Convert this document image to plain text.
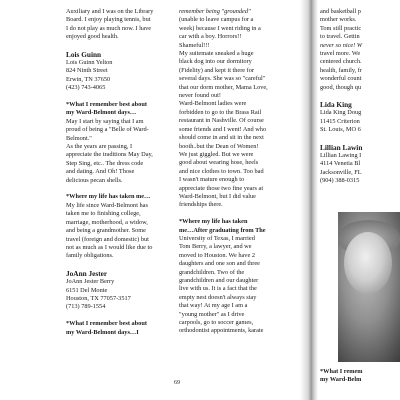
Auxiliary and I was on the Library
Board. I enjoy playing tennis, but
I do not play as much now. I have
enjoyed good health.
Lois Guinn
Lois Guinn Yelton
824 Ninth Street
Erwin, TN 37650
(423) 743-4065
*What I remember best about
my Ward-Belmont days…
May I start by saying that I am
proud of being a "Belle of Ward-
Belmont."
As the years are passing, I
appreciate the traditions May Day,
Step Sing, etc.. The dress code
and dating. And Oh! Those
delicious pecan shells.
*Where my life has taken me…
My life since Ward-Belmont has
taken me to finishing college,
marriage, motherhood, a widow,
and being a grandmother. Some
travel (foreign and domestic) but
not as much as I would like due to
family obligations.
JoAnn Jester
JoAnn Jester Berry
6151 Del Monte
Houston, TX 77057-3517
(713) 789-1554
*What I remember best about
my Ward-Belmont days…I
remember being "grounded"
(unable to leave campus for a
week) because I went riding in a
car with a boy. Horrors!!
Shameful!!!
My suitemate sneaked a huge
black dog into our dormitory
(Fidelity) and kept it there for
several days. She was so "careful"
that our dorm mother, Mama Love,
never found out!
Ward-Belmont ladies were
forbidden to go to the Brass Rail
restaurant in Nashville. Of course
some friends and I went! And who
should come in and sit in the next
booth..but the Dean of Women!
We just giggled. But we were
good about wearing hose, heels
and nice clothes to town. Too bad
I wasn't mature enough to
appreciate those two fine years at
Ward-Belmont, but I did value
friendships there.
*Where my life has taken
me…After graduating from The
University of Texas, I married
Tom Berry, a lawyer, and we
moved to Houston. We have 2
daughters and one son and three
grandchildren. Two of the
grandchildren and our daughter
live with us. It is a fact that the
empty nest doesn't always stay
that way! At my age I am a
"young mother" as I drive
carpools, go to soccer games,
orthodontist appointments, karate
69
and basketball p
mother works.
Tom still practic
to travel. Gettin
never so nice! W
travel more. We
centered church.
health, family, fr
wonderful count
good, though qu
Lida King
Lida King Doug
11415 Criterion
St. Louis, MO 6
Lillian Lawin
Lillian Lawing I
4114 Venetia Bl
Jacksonville, FL
(904) 388-0315
*What I remem
my Ward-Belm
